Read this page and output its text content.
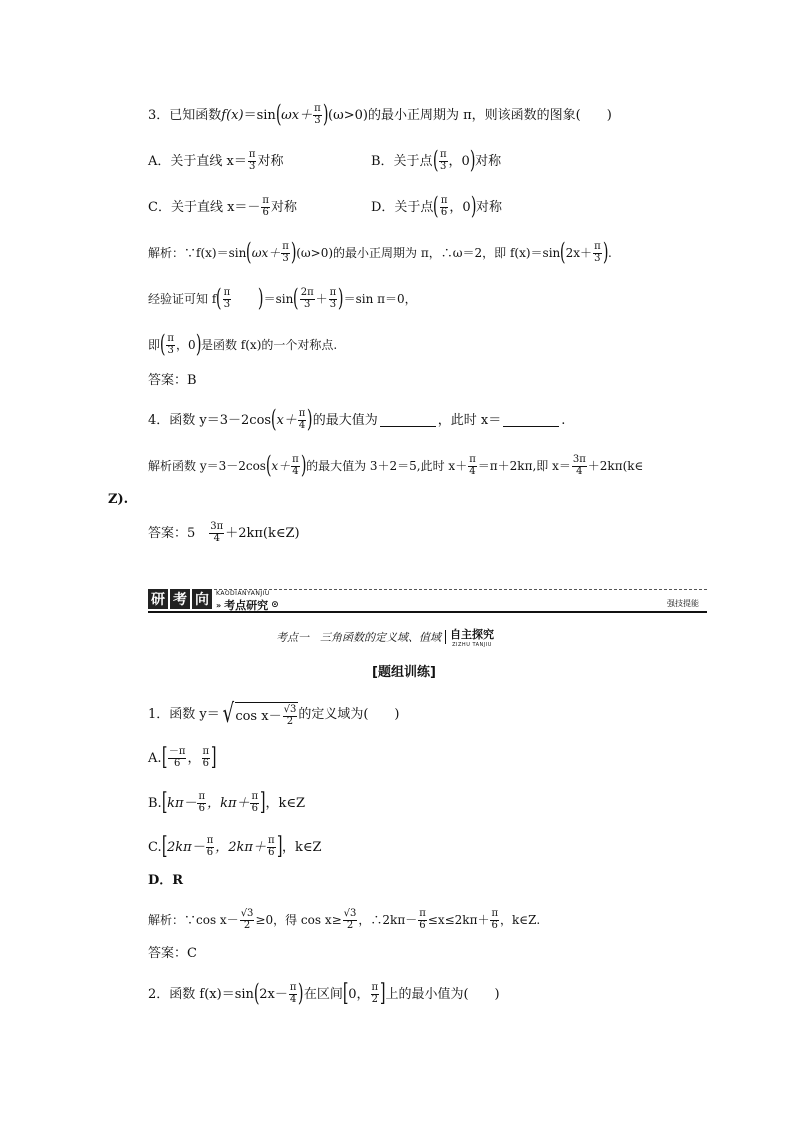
3．已知函数 f(x) ＝sin ( $\omega x+ \frac{\pi}{3}$ ) (ω>0)的最小正周期为 π，则该函数的图象(　　)
A．关于直线 $x= \frac{\pi}{3}$ 对称	B．关于点 ( $\frac{\pi}{3}$ ，0 ) 对称
C．关于直线 $x=- \frac{\pi}{6}$ 对称	D．关于点 ( $\frac{\pi}{6}$ ，0 ) 对称
解析：∵f(x)＝sin ( $\omega x+ \frac{\pi}{3}$ ) (ω>0)的最小正周期为 π，∴ω＝2，即 f(x)＝sin ( $2x+ \frac{\pi}{3}$ ) .
经验证可知 f ( $\frac{\pi}{3}$ ) ＝sin ( $\frac{2\pi}{3} + \frac{\pi}{3}$ ) ＝sin π＝0，
即 ( $\frac{\pi}{3}$ ，0 ) 是函数 f(x)的一个对称点.
答案：B
4．函数 y＝3－2cos ( $x+ \frac{\pi}{4}$ ) 的最大值为	，此时 x＝	.
解析函数 y＝3－2cos ( $x+ \frac{\pi}{4}$ ) 的最大值为 3＋2＝5,此时 $x+ \frac{\pi}{4} =\pi+2k\pi$,即 $x= \frac{3\pi}{4}$ ＋2kπ(k∈
Z).
答案：5　 $\frac{3\pi}{4}$ ＋2kπ(k∈Z)
研 考 向	KAODIANYANJIU
» 考点研究 ⊙	强技提能
考点一　三角函数的定义域、值域 自主探究
ZIZHU TANJIU
[题组训练]
1．函数 y＝ √ $\cos x- \frac{√3}{2}$ 的定义域为(　　)
A. [ $\frac{-\pi}{6}$ ， $\frac{\pi}{6}$ ]
B. [ $k\pi- \frac{\pi}{6}$ ，$k\pi+ \frac{\pi}{6}$ ] ，k∈Z
C. [ $2k\pi- \frac{\pi}{6}$ ，$2k\pi+ \frac{\pi}{6}$ ] ，k∈Z
D．R
解析：∵cos $x- \frac{√3}{2} \ge 0$，得 $\cos x\ge \frac{√3}{2}$ ，∴2kπ－ $\frac{\pi}{6} \le x\le 2k\pi+ \frac{\pi}{6}$ ，k∈Z.
答案：C
2．函数 f(x)＝sin ( $2x- \frac{\pi}{4}$ ) 在区间 [ 0， $\frac{\pi}{2}$ ] 上的最小值为(　　)
